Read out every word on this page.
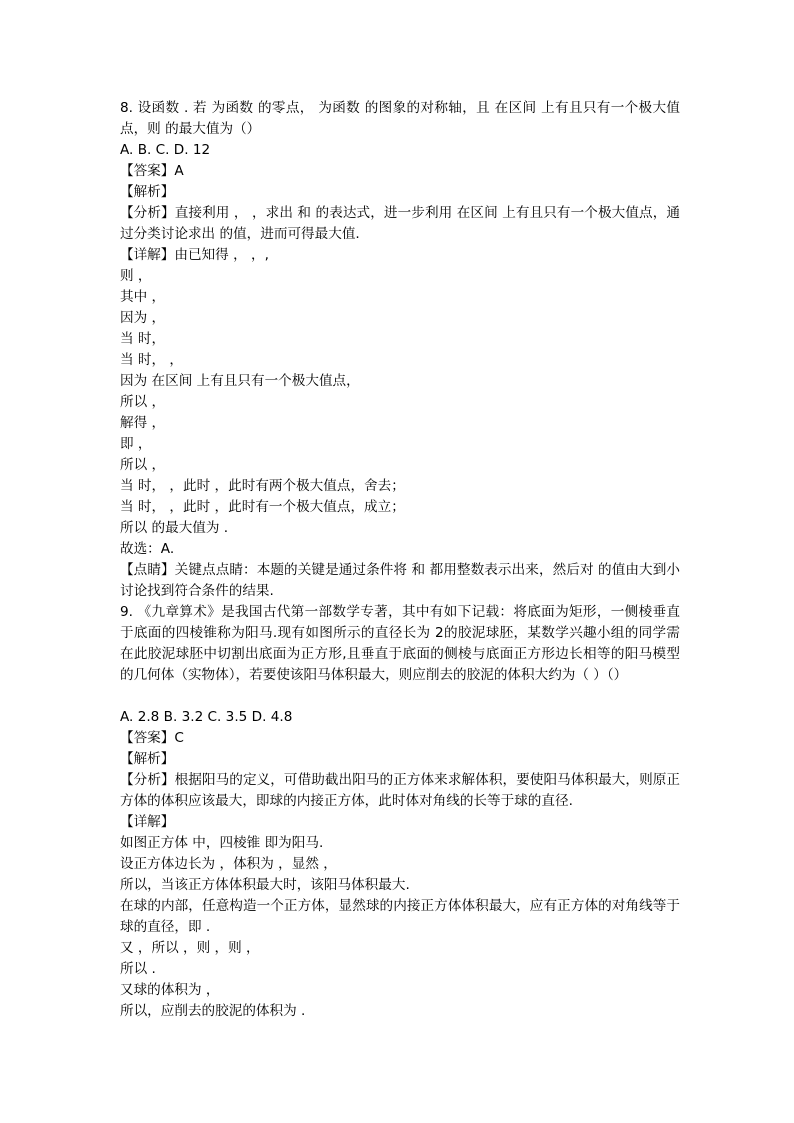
8. 设函数 . 若 为函数 的零点， 为函数 的图象的对称轴，且 在区间 上有且只有一个极大值点，则 的最大值为（）
A. B. C. D. 12
【答案】A
【解析】
【分析】直接利用 ， ，求出 和 的表达式，进一步利用 在区间 上有且只有一个极大值点，通过分类讨论求出 的值，进而可得最大值.
【详解】由已知得 ， ，,
则 ，
其中 ，
因为 ，
当 时，
当 时， ，
因为 在区间 上有且只有一个极大值点，
所以 ，
解得 ，
即 ，
所以 ，
当 时， ，此时 ，此时有两个极大值点，舍去；
当 时， ，此时 ，此时有一个极大值点，成立；
所以 的最大值为 .
故选：A.
【点睛】关键点点睛：本题的关键是通过条件将 和 都用整数表示出来，然后对 的值由大到小讨论找到符合条件的结果.
9. 《九章算术》是我国古代第一部数学专著，其中有如下记载：将底面为矩形，一侧棱垂直于底面的四棱锥称为阳马.现有如图所示的直径长为 2的胶泥球胚，某数学兴趣小组的同学需在此胶泥球胚中切割出底面为正方形,且垂直于底面的侧棱与底面正方形边长相等的阳马模型的几何体（实物体），若要使该阳马体积最大，则应削去的胶泥的体积大约为（ ）（）
A. 2.8 B. 3.2 C. 3.5 D. 4.8
【答案】C
【解析】
【分析】根据阳马的定义，可借助截出阳马的正方体来求解体积，要使阳马体积最大，则原正方体的体积应该最大，即球的内接正方体，此时体对角线的长等于球的直径.
【详解】
如图正方体 中，四棱锥 即为阳马.
设正方体边长为 ，体积为 ，显然 ，
所以，当该正方体体积最大时，该阳马体积最大.
在球的内部，任意构造一个正方体，显然球的内接正方体体积最大，应有正方体的对角线等于球的直径，即 .
又 ，所以 ，则 ，则 ，
所以 .
又球的体积为 ，
所以，应削去的胶泥的体积为 .
